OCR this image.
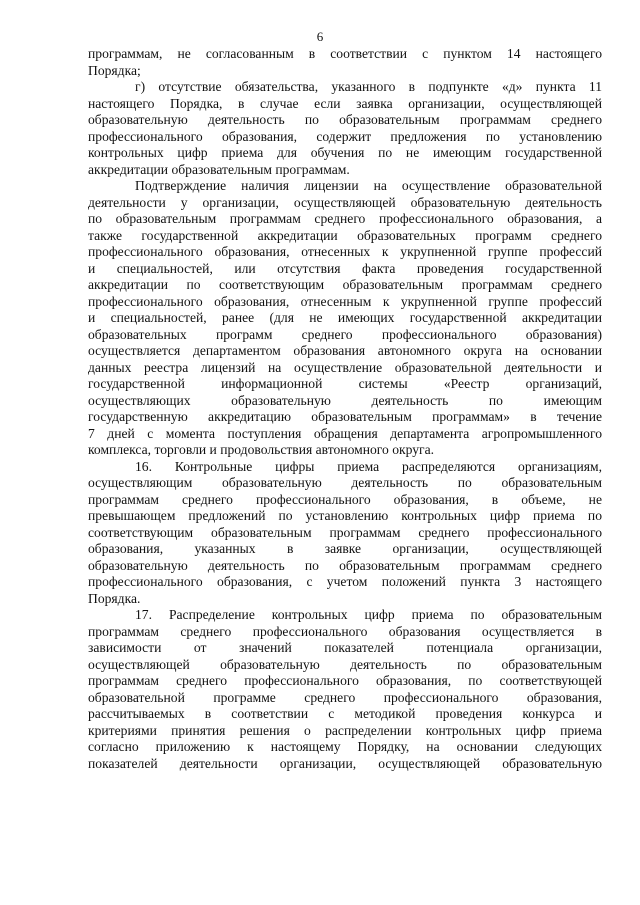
6
программам, не согласованным в соответствии с пунктом 14 настоящего
Порядка;
г) отсутствие обязательства, указанного в подпункте «д» пункта 11
настоящего Порядка, в случае если заявка организации, осуществляющей
образовательную деятельность по образовательным программам среднего
профессионального образования, содержит предложения по установлению
контрольных цифр приема для обучения по не имеющим государственной
аккредитации образовательным программам.
Подтверждение наличия лицензии на осуществление образовательной
деятельности у организации, осуществляющей образовательную деятельность
по образовательным программам среднего профессионального образования, а
также государственной аккредитации образовательных программ среднего
профессионального образования, отнесенных к укрупненной группе профессий
и специальностей, или отсутствия факта проведения государственной
аккредитации по соответствующим образовательным программам среднего
профессионального образования, отнесенным к укрупненной группе профессий
и специальностей, ранее (для не имеющих государственной аккредитации
образовательных программ среднего профессионального образования)
осуществляется департаментом образования автономного округа на основании
данных реестра лицензий на осуществление образовательной деятельности и
государственной информационной системы «Реестр организаций,
осуществляющих образовательную деятельность по имеющим
государственную аккредитацию образовательным программам» в течение
7 дней с момента поступления обращения департамента агропромышленного
комплекса, торговли и продовольствия автономного округа.
16. Контрольные цифры приема распределяются организациям,
осуществляющим образовательную деятельность по образовательным
программам среднего профессионального образования, в объеме, не
превышающем предложений по установлению контрольных цифр приема по
соответствующим образовательным программам среднего профессионального
образования, указанных в заявке организации, осуществляющей
образовательную деятельность по образовательным программам среднего
профессионального образования, с учетом положений пункта 3 настоящего
Порядка.
17. Распределение контрольных цифр приема по образовательным
программам среднего профессионального образования осуществляется в
зависимости от значений показателей потенциала организации,
осуществляющей образовательную деятельность по образовательным
программам среднего профессионального образования, по соответствующей
образовательной программе среднего профессионального образования,
рассчитываемых в соответствии с методикой проведения конкурса и
критериями принятия решения о распределении контрольных цифр приема
согласно приложению к настоящему Порядку, на основании следующих
показателей деятельности организации, осуществляющей образовательную
